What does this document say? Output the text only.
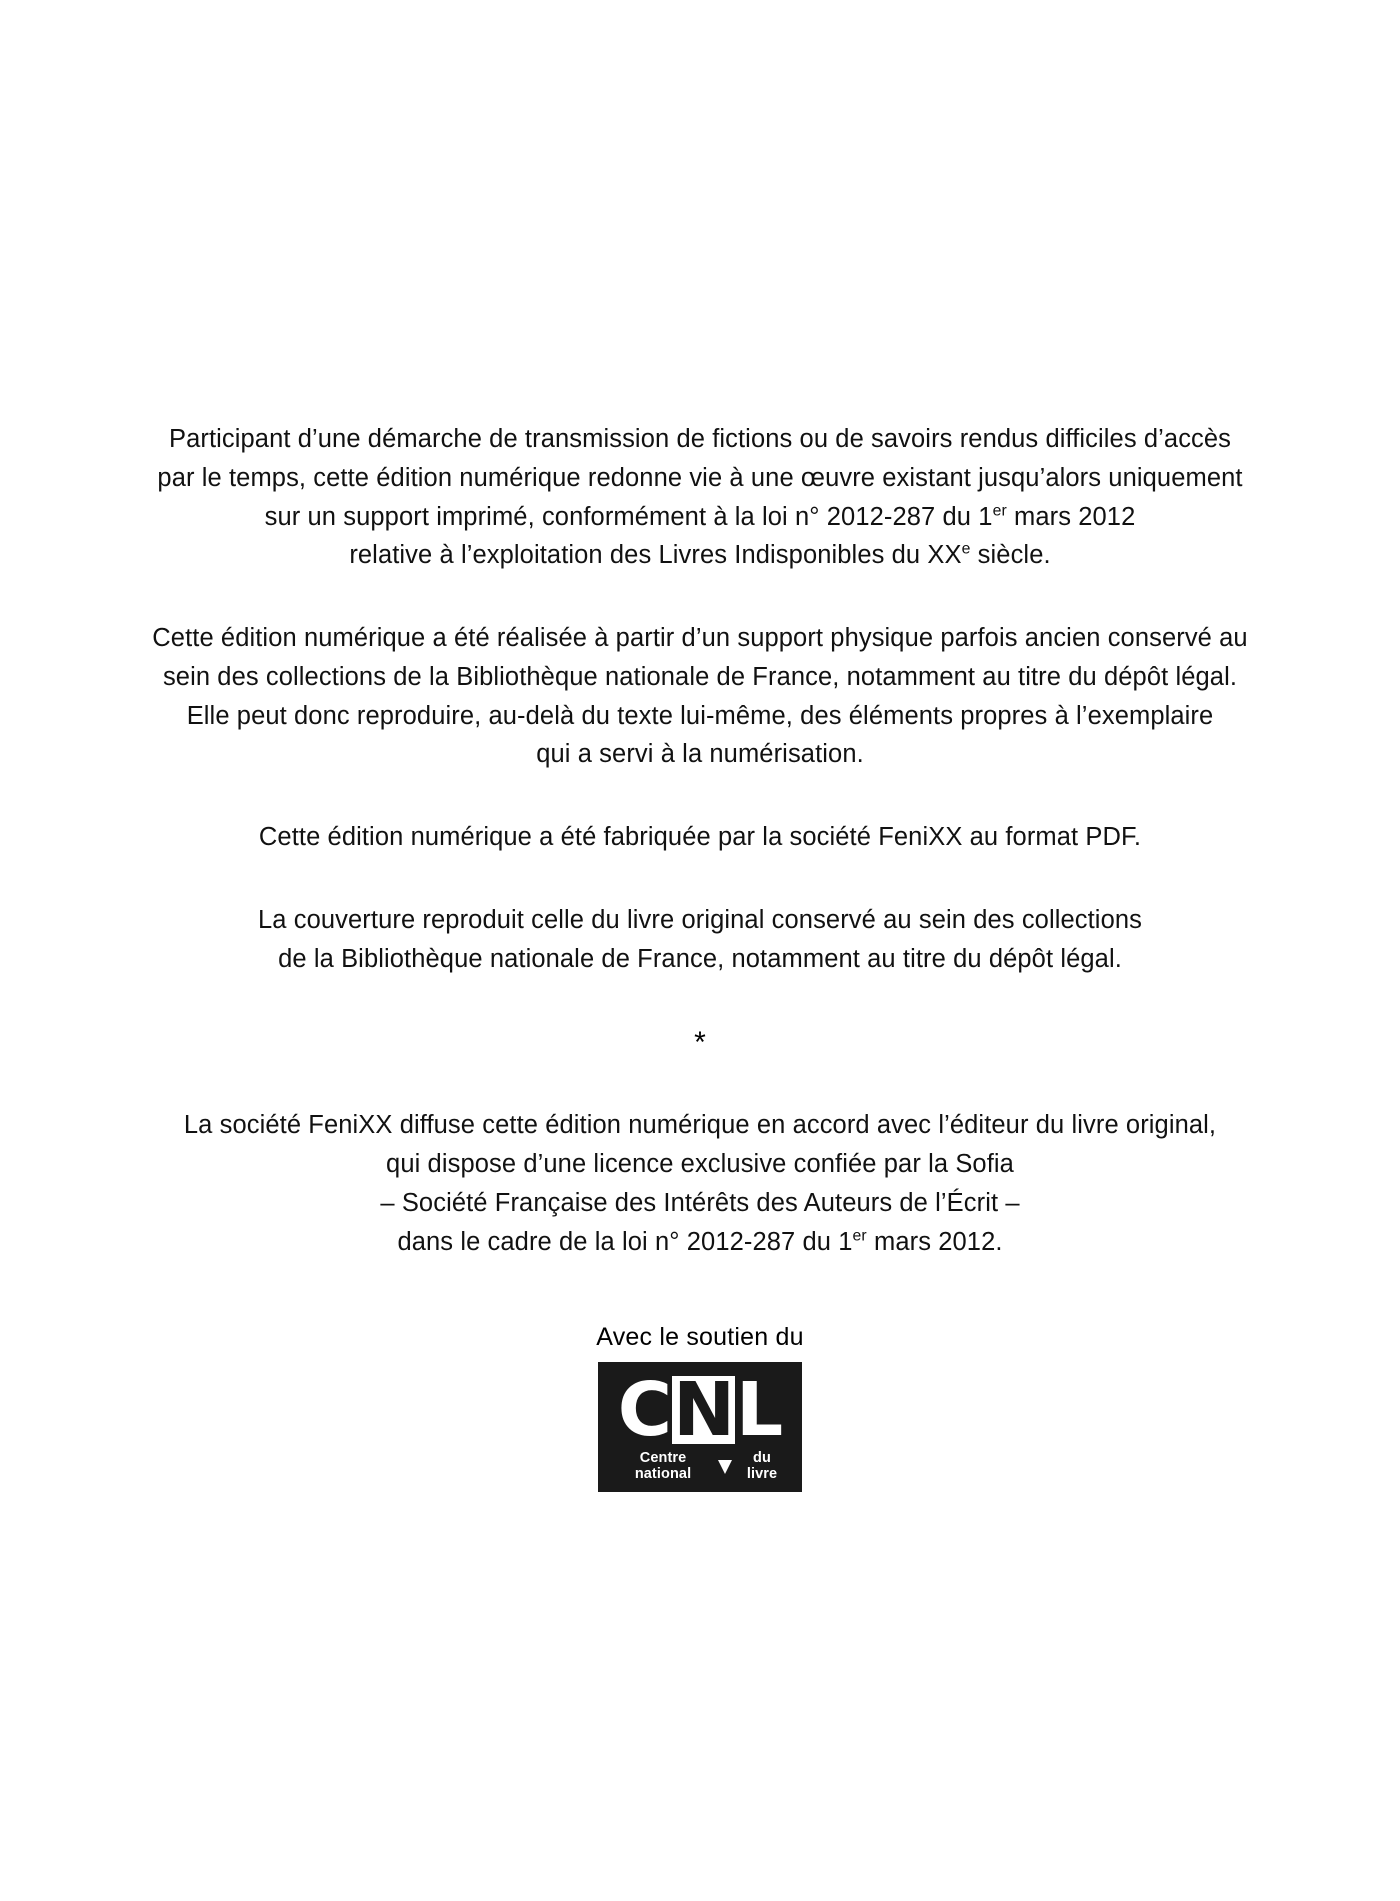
Participant d’une démarche de transmission de fictions ou de savoirs rendus difficiles d’accès
par le temps, cette édition numérique redonne vie à une œuvre existant jusqu’alors uniquement
sur un support imprimé, conformément à la loi n° 2012-287 du 1er mars 2012
relative à l’exploitation des Livres Indisponibles du XXe siècle.
Cette édition numérique a été réalisée à partir d’un support physique parfois ancien conservé au
sein des collections de la Bibliothèque nationale de France, notamment au titre du dépôt légal.
Elle peut donc reproduire, au-delà du texte lui-même, des éléments propres à l’exemplaire
qui a servi à la numérisation.
Cette édition numérique a été fabriquée par la société FeniXX au format PDF.
La couverture reproduit celle du livre original conservé au sein des collections
de la Bibliothèque nationale de France, notamment au titre du dépôt légal.
*
La société FeniXX diffuse cette édition numérique en accord avec l’éditeur du livre original,
qui dispose d’une licence exclusive confiée par la Sofia
– Société Française des Intérêts des Auteurs de l’Écrit –
dans le cadre de la loi n° 2012-287 du 1er mars 2012.
Avec le soutien du
CNL
Centre national
du livre
